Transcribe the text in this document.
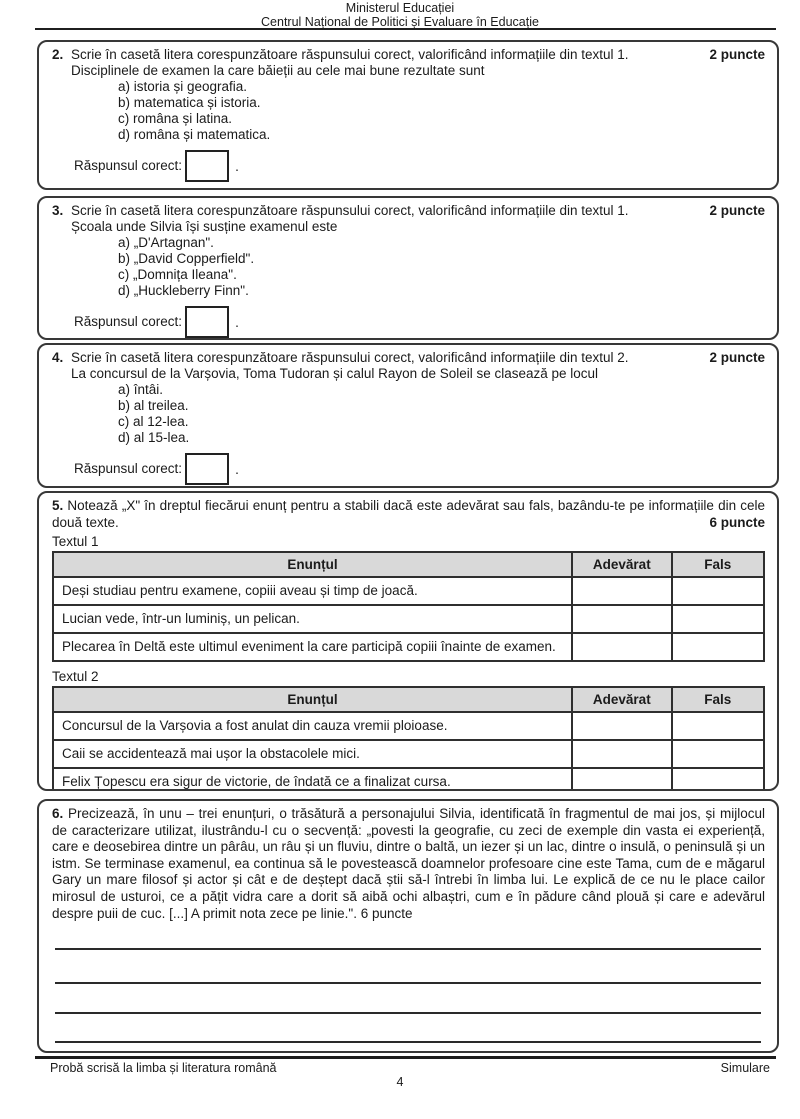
Ministerul Educației
Centrul Național de Politici și Evaluare în Educație
2. Scrie în casetă litera corespunzătoare răspunsului corect, valorificând informațiile din textul 1.	2 puncte
Disciplinele de examen la care băieții au cele mai bune rezultate sunt
a) istoria și geografia.
b) matematica și istoria.
c) româna și latina.
d) româna și matematica.
Răspunsul corect:	.
3. Scrie în casetă litera corespunzătoare răspunsului corect, valorificând informațiile din textul 1.	2 puncte
Școala unde Silvia își susține examenul este
a) „D'Artagnan".
b) „David Copperfield".
c) „Domnița Ileana".
d) „Huckleberry Finn".
Răspunsul corect:	.
4. Scrie în casetă litera corespunzătoare răspunsului corect, valorificând informațiile din textul 2.	2 puncte
La concursul de la Varșovia, Toma Tudoran și calul Rayon de Soleil se clasează pe locul
a) întâi.
b) al treilea.
c) al 12-lea.
d) al 15-lea.
Răspunsul corect:	.
5. Notează „X" în dreptul fiecărui enunț pentru a stabili dacă este adevărat sau fals, bazându-te pe informațiile din cele două texte.	6 puncte
Textul 1
Enunțul	Adevărat	Fals
Deși studiau pentru examene, copiii aveau și timp de joacă.		
Lucian vede, într-un luminiș, un pelican.		
Plecarea în Deltă este ultimul eveniment la care participă copiii înainte de examen.		
Textul 2
Enunțul	Adevărat	Fals
Concursul de la Varșovia a fost anulat din cauza vremii ploioase.		
Caii se accidentează mai ușor la obstacolele mici.		
Felix Țopescu era sigur de victorie, de îndată ce a finalizat cursa.		
6. Precizează, în unu – trei enunțuri, o trăsătură a personajului Silvia, identificată în fragmentul de mai jos, și mijlocul de caracterizare utilizat, ilustrându-l cu o secvență: „povesti la geografie, cu zeci de exemple din vasta ei experiență, care e deosebirea dintre un pârâu, un râu și un fluviu, dintre o baltă, un iezer și un lac, dintre o insulă, o peninsulă și un istm. Se terminase examenul, ea continua să le povestească doamnelor profesoare cine este Tama, cum de e măgarul Gary un mare filosof și actor și cât e de deștept dacă știi să-l întrebi în limba lui. Le explică de ce nu le place cailor mirosul de usturoi, ce a pățit vidra care a dorit să aibă ochi albaștri, cum e în pădure când plouă și care e adevărul despre puii de cuc. [...] A primit nota zece pe linie.". 6 puncte
Probă scrisă la limba și literatura română	Simulare
4
